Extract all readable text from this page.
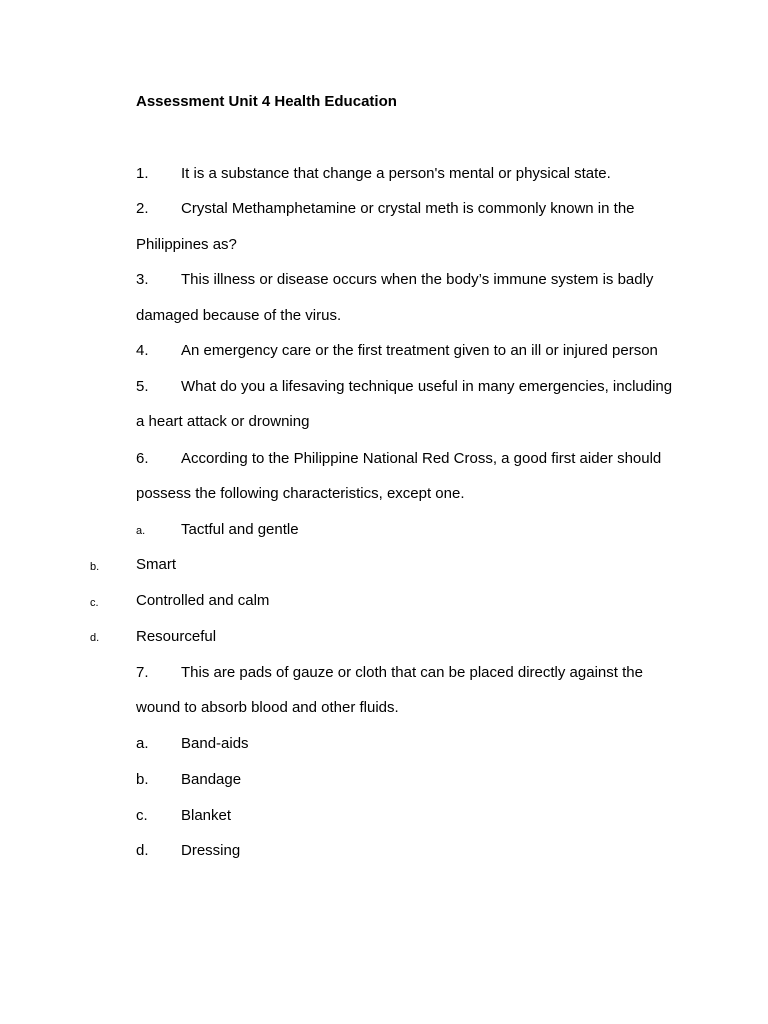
Assessment Unit 4 Health Education
1. It is a substance that change a person's mental or physical state.
2. Crystal Methamphetamine or crystal meth is commonly known in the
Philippines as?
3. This illness or disease occurs when the body’s immune system is badly
damaged because of the virus.
4. An emergency care or the first treatment given to an ill or injured person
5. What do you a lifesaving technique useful in many emergencies, including
a heart attack or drowning
6. According to the Philippine National Red Cross, a good first aider should
possess the following characteristics, except one.
a. Tactful and gentle
b. Smart
c. Controlled and calm
d. Resourceful
7. This are pads of gauze or cloth that can be placed directly against the
wound to absorb blood and other fluids.
a. Band-aids
b. Bandage
c. Blanket
d. Dressing
